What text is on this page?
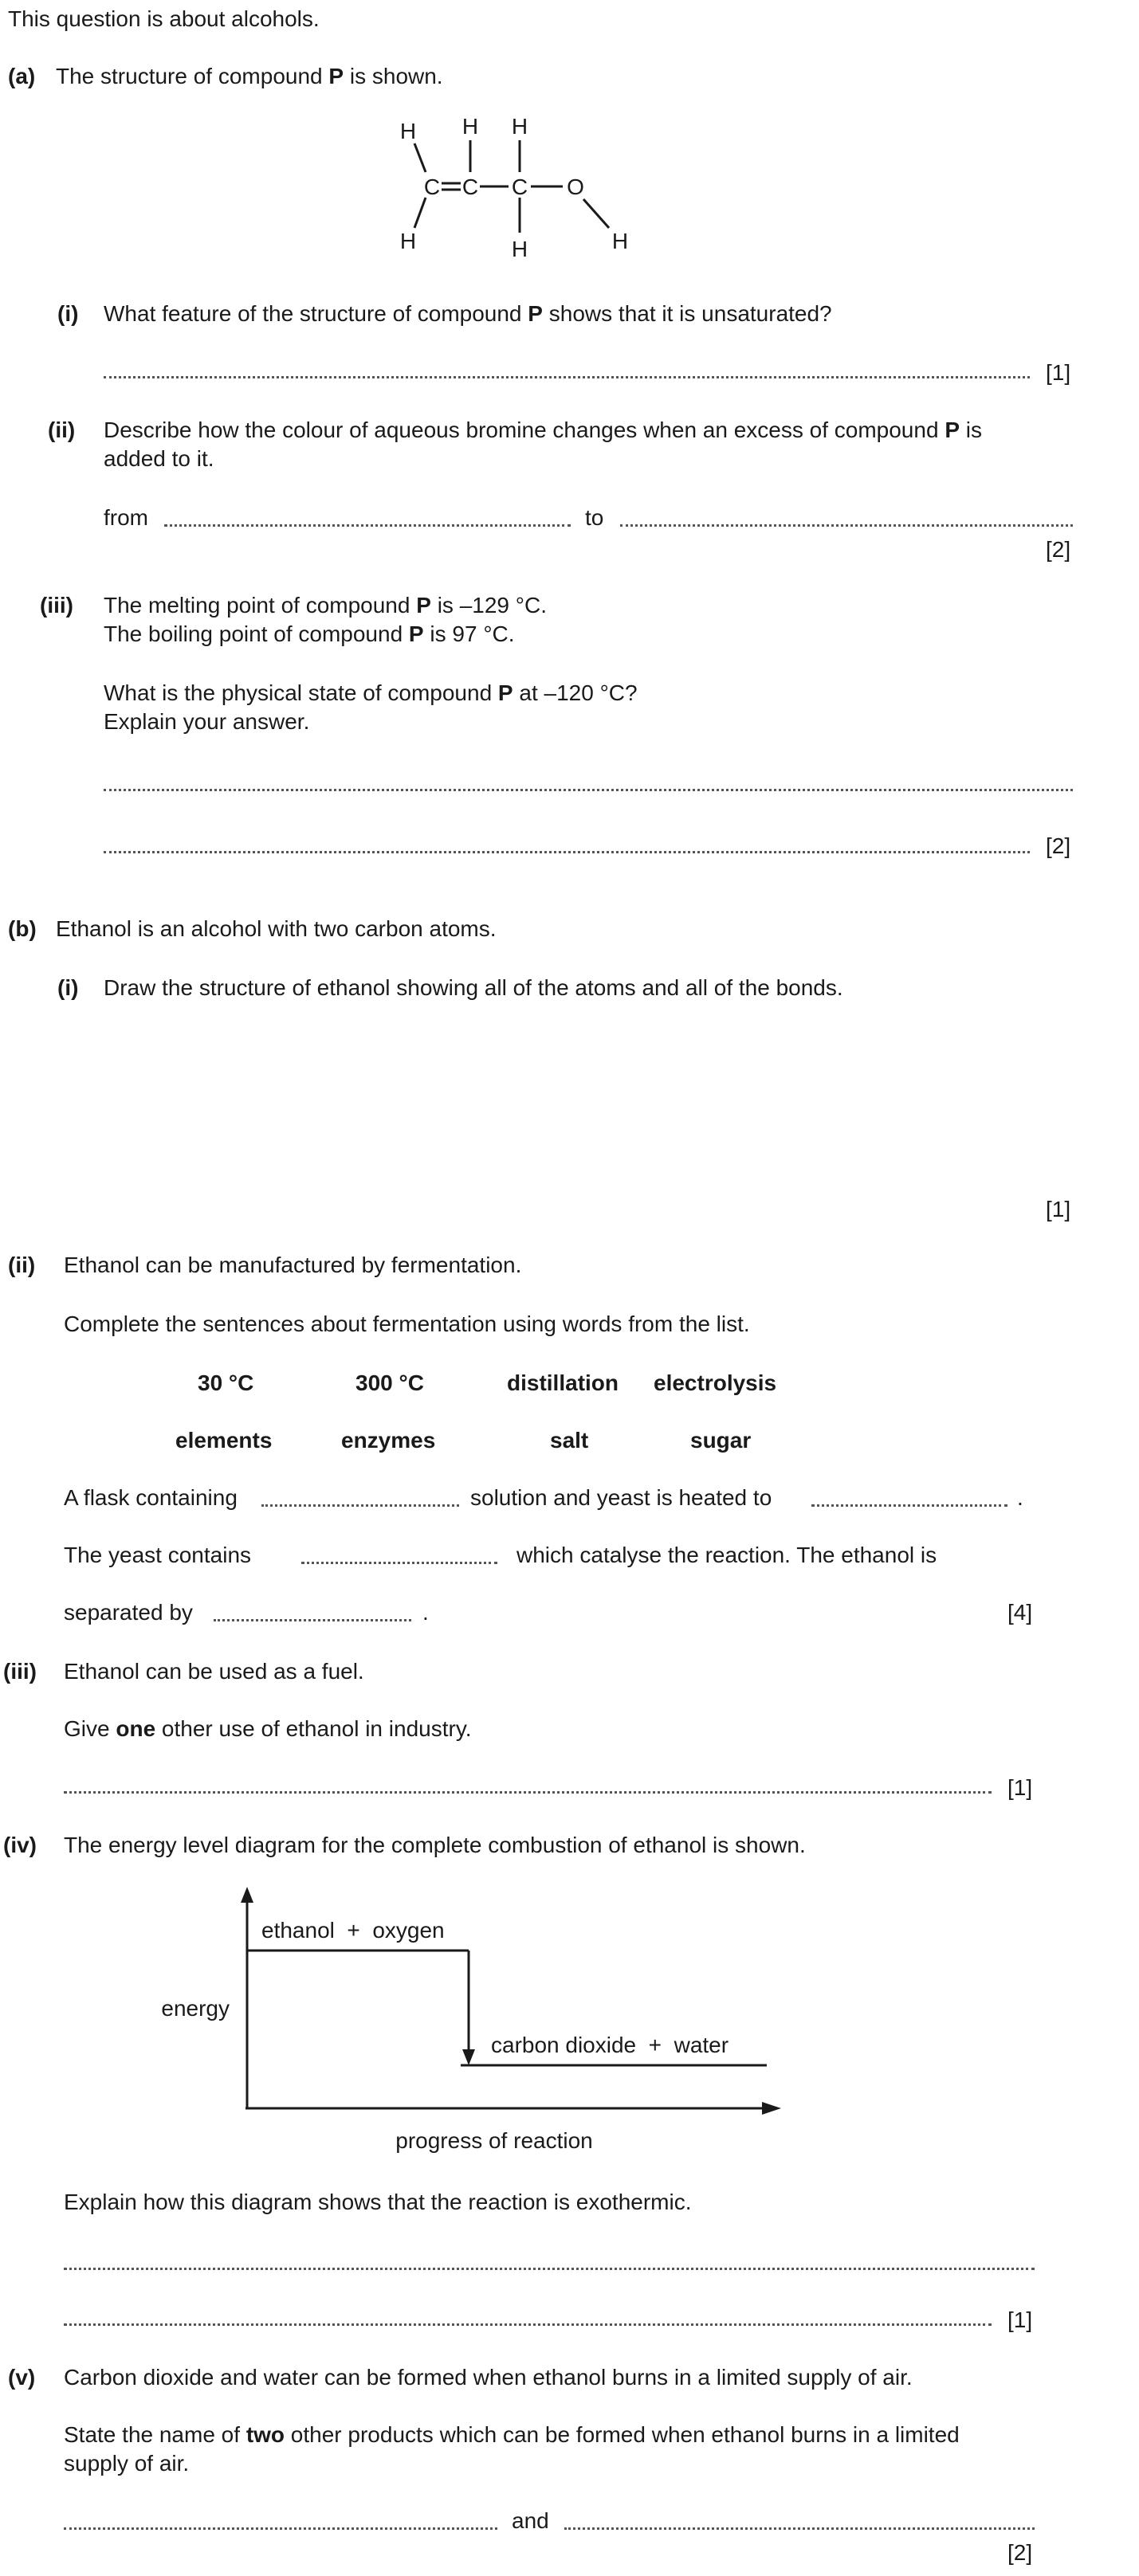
This question is about alcohols.
(a) The structure of compound P is shown.
H
H
H H
H	H
C C C O
(i) What feature of the structure of compound P shows that it is unsaturated?
[1]
(ii) Describe how the colour of aqueous bromine changes when an excess of compound P is
added to it.
from	to
[2]
(iii) The melting point of compound P is –129 °C.
The boiling point of compound P is 97 °C.
What is the physical state of compound P at –120 °C?
Explain your answer.
[2]
(b) Ethanol is an alcohol with two carbon atoms.
(i) Draw the structure of ethanol showing all of the atoms and all of the bonds.
[1]
(ii) Ethanol can be manufactured by fermentation.
Complete the sentences about fermentation using words from the list.
30 °C	300 °C	distillation electrolysis
elements	enzymes	salt	sugar
A flask containing	solution and yeast is heated to	.
The yeast contains	which catalyse the reaction. The ethanol is
separated by	.	[4]
(iii) Ethanol can be used as a fuel.
Give one other use of ethanol in industry.
[1]
(iv) The energy level diagram for the complete combustion of ethanol is shown.
ethanol  +  oxygen
carbon dioxide  +  water
energy
progress of reaction
Explain how this diagram shows that the reaction is exothermic.
[1]
(v) Carbon dioxide and water can be formed when ethanol burns in a limited supply of air.
State the name of two other products which can be formed when ethanol burns in a limited
supply of air.
and
[2]
